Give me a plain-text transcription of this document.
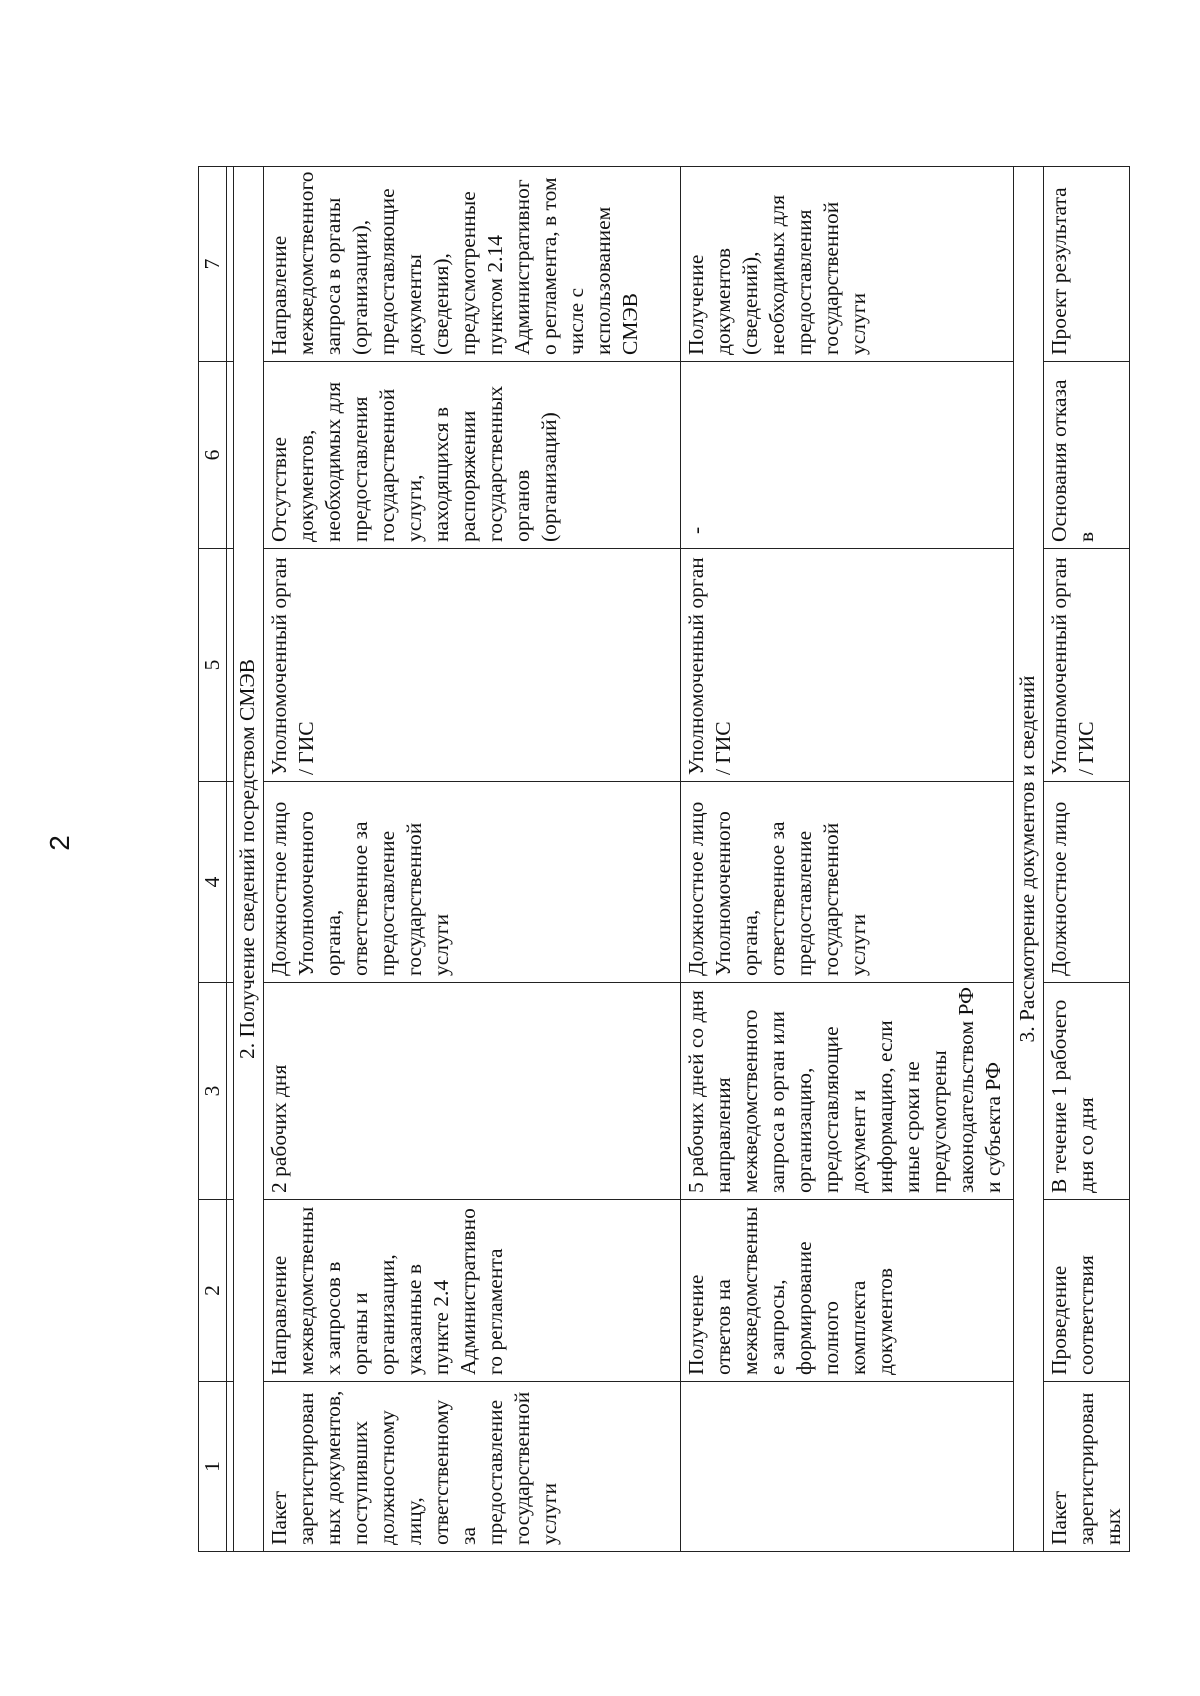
2
1	2	3	4	5	6	7

2. Получение сведений посредством СМЭВ						
Пакет зарегистрированных документов, поступивших должностному лицу, ответственному за предоставление государственной услуги	Направление межведомственных запросов в органы и организации, указанные в пункте 2.4 Административного регламента	2 рабочих дня	Должностное лицо Уполномоченного органа, ответственное за предоставление государственной услуги	Уполномоченный орган / ГИС	Отсутствие документов, необходимых для предоставления государственной услуги, находящихся в распоряжении государственных органов (организаций)	Направление межведомственного запроса в органы (организации), предоставляющие документы (сведения), предусмотренные пунктом 2.14 Административного регламента, в том числе с использованием СМЭВ
	Получение ответов на межведомственные запросы, формирование полного комплекта документов	5 рабочих дней со дня направления межведомственного запроса в орган или организацию, предоставляющие документ и информацию, если иные сроки не предусмотрены законодательством РФ и субъекта РФ	Должностное лицо Уполномоченного органа, ответственное за предоставление государственной услуги	Уполномоченный орган / ГИС	-	Получение документов (сведений), необходимых для предоставления государственной услуги
3. Рассмотрение документов и сведений						
Пакет зарегистрированных	Проведение соответствия	В течение 1 рабочего дня со дня	Должностное лицо	Уполномоченный орган / ГИС	Основания отказа в	Проект результата
